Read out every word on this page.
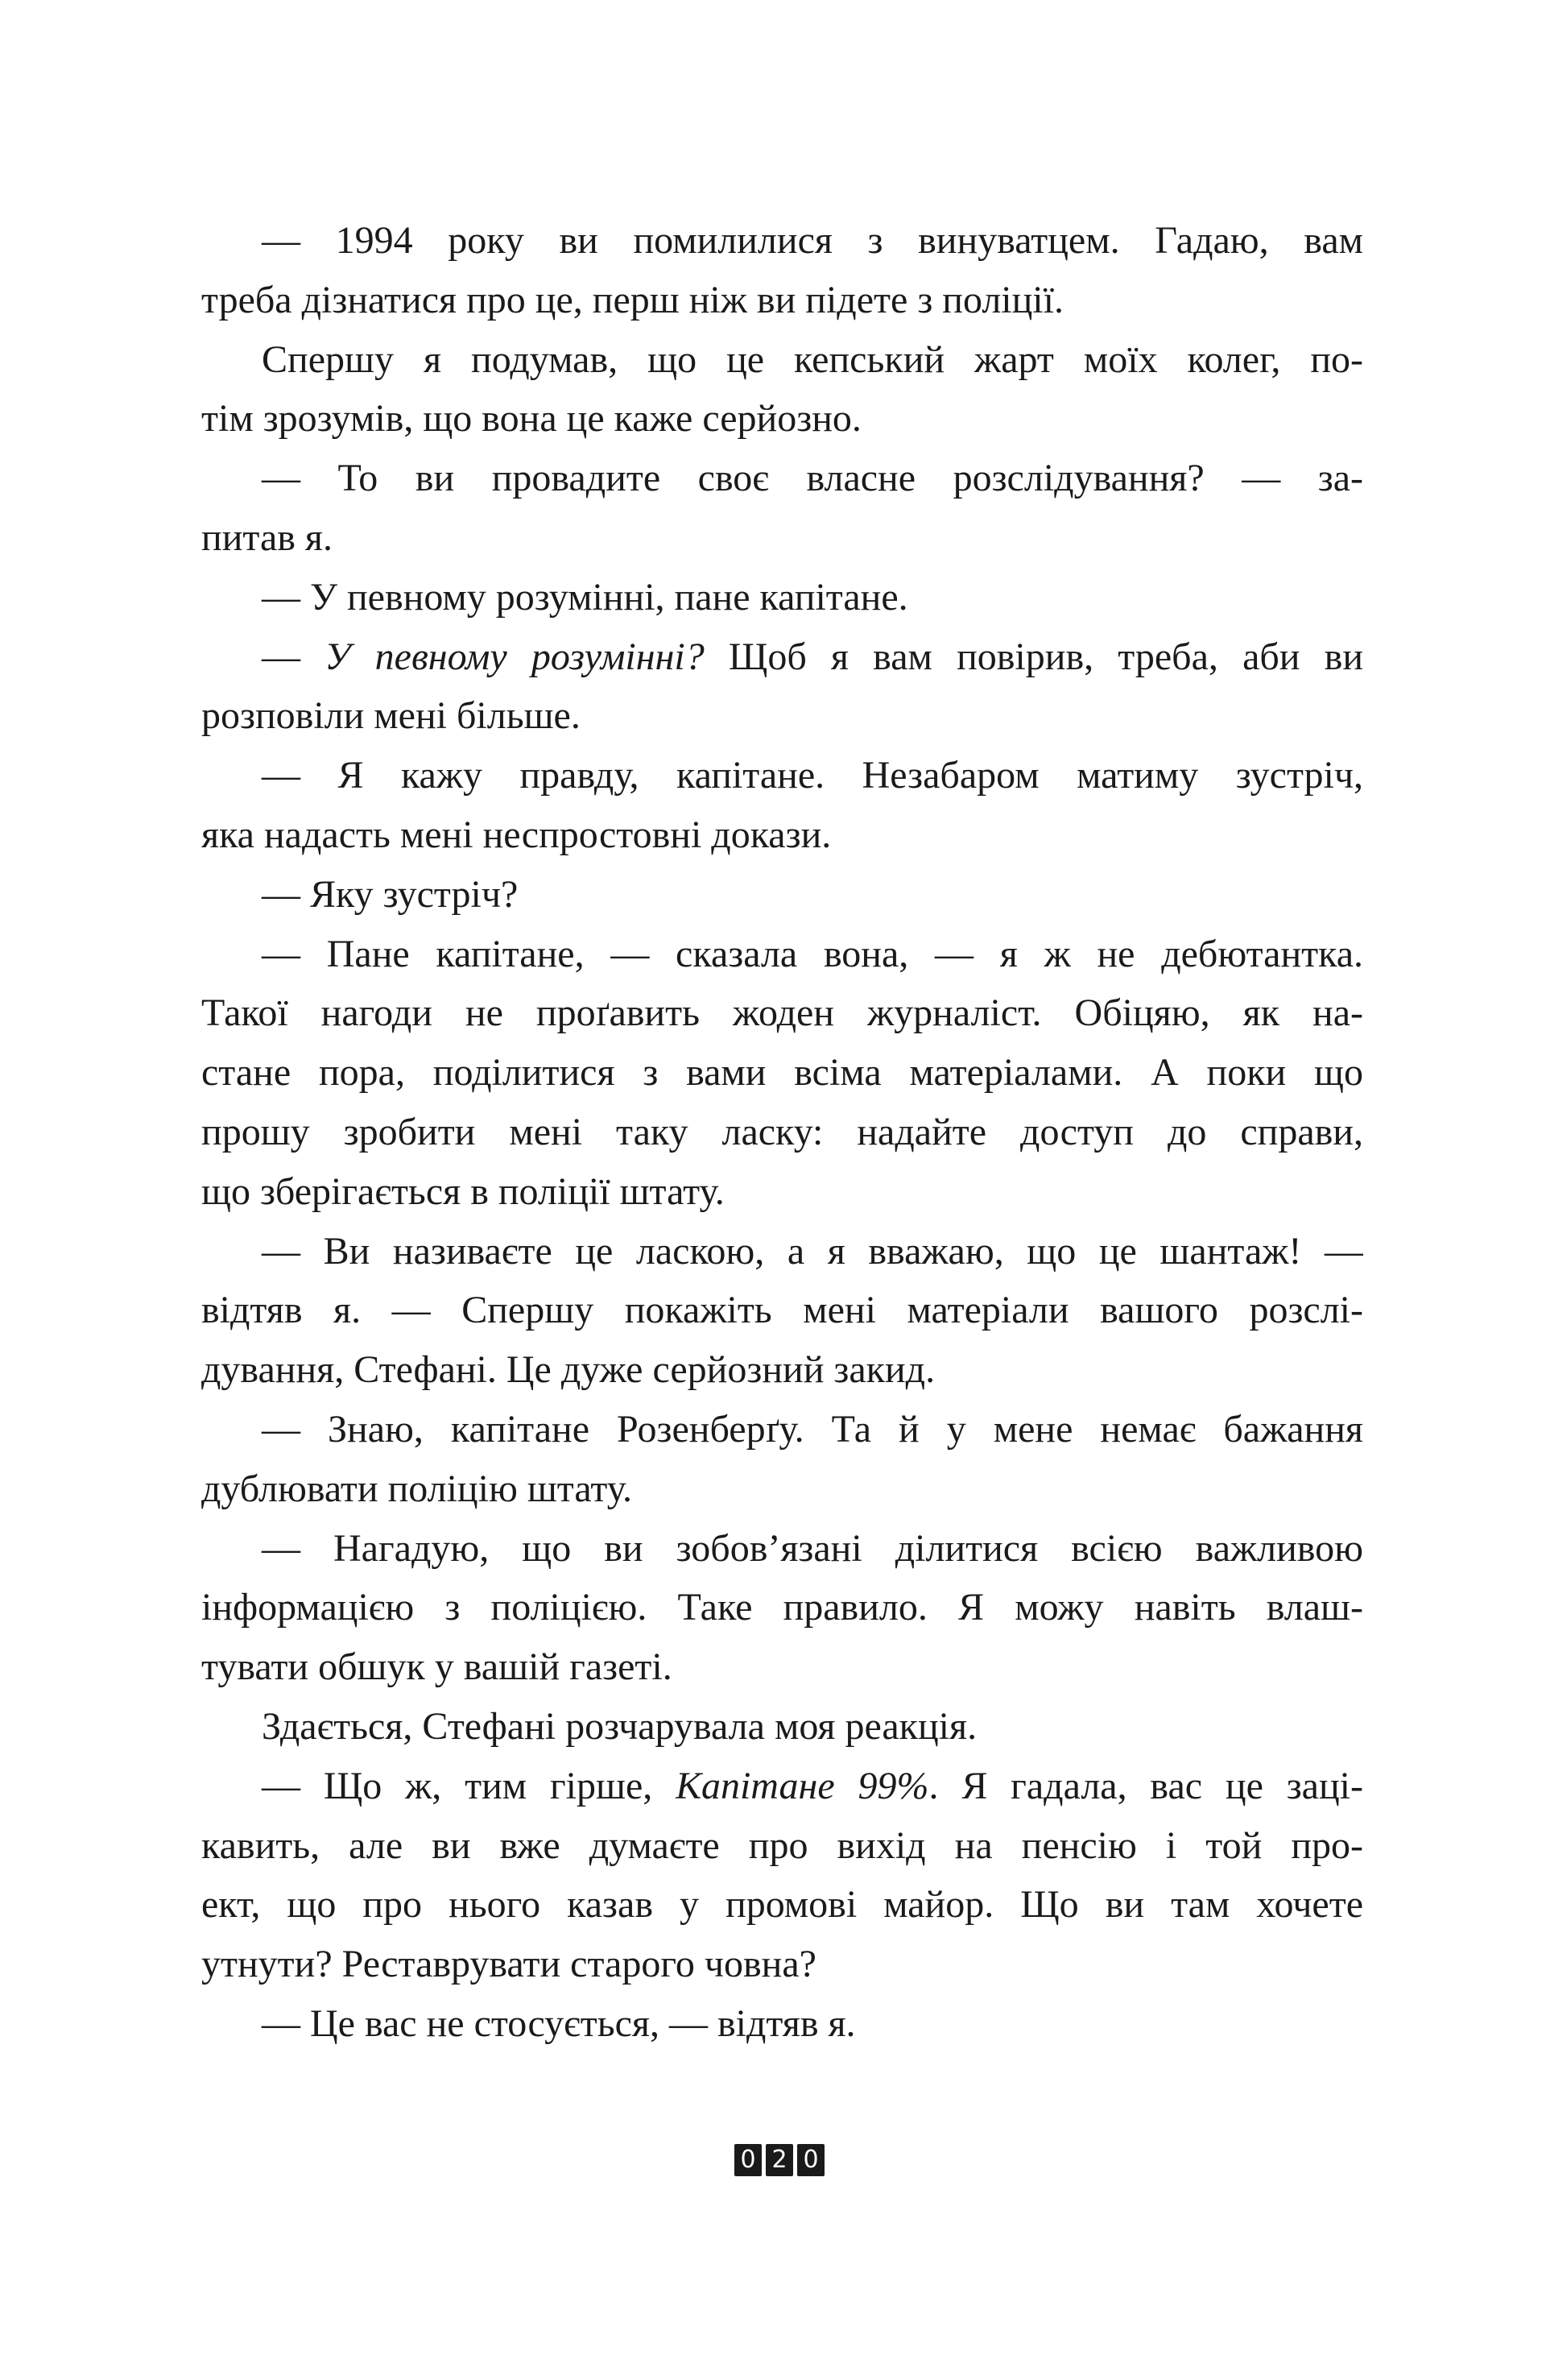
— 1994 року ви помилилися з винуватцем. Гадаю, вам
треба дізнатися про це, перш ніж ви підете з поліції.
Спершу я подумав, що це кепський жарт моїх колег, по-
тім зрозумів, що вона це каже серйозно.
— То ви провадите своє власне розслідування? — за-
питав я.
— У певному розумінні, пане капітане.
— У певному розумінні? Щоб я вам повірив, треба, аби ви
розповіли мені більше.
— Я кажу правду, капітане. Незабаром матиму зустріч,
яка надасть мені неспростовні докази.
— Яку зустріч?
— Пане капітане, — сказала вона, — я ж не дебютантка.
Такої нагоди не проґавить жоден журналіст. Обіцяю, як на-
стане пора, поділитися з вами всіма матеріалами. А поки що
прошу зробити мені таку ласку: надайте доступ до справи,
що зберігається в поліції штату.
— Ви називаєте це ласкою, а я вважаю, що це шантаж! —
відтяв я. — Спершу покажіть мені матеріали вашого розслі-
дування, Стефані. Це дуже серйозний закид.
— Знаю, капітане Розенберґу. Та й у мене немає бажання
дублювати поліцію штату.
— Нагадую, що ви зобов’язані ділитися всією важливою
інформацією з поліцією. Таке правило. Я можу навіть влаш-
тувати обшук у вашій газеті.
Здається, Стефані розчарувала моя реакція.
— Що ж, тим гірше, Капітане 99%. Я гадала, вас це заці-
кавить, але ви вже думаєте про вихід на пенсію і той про-
ект, що про нього казав у промові майор. Що ви там хочете
утнути? Реставрувати старого човна?
— Це вас не стосується, — відтяв я.
0 2 0
